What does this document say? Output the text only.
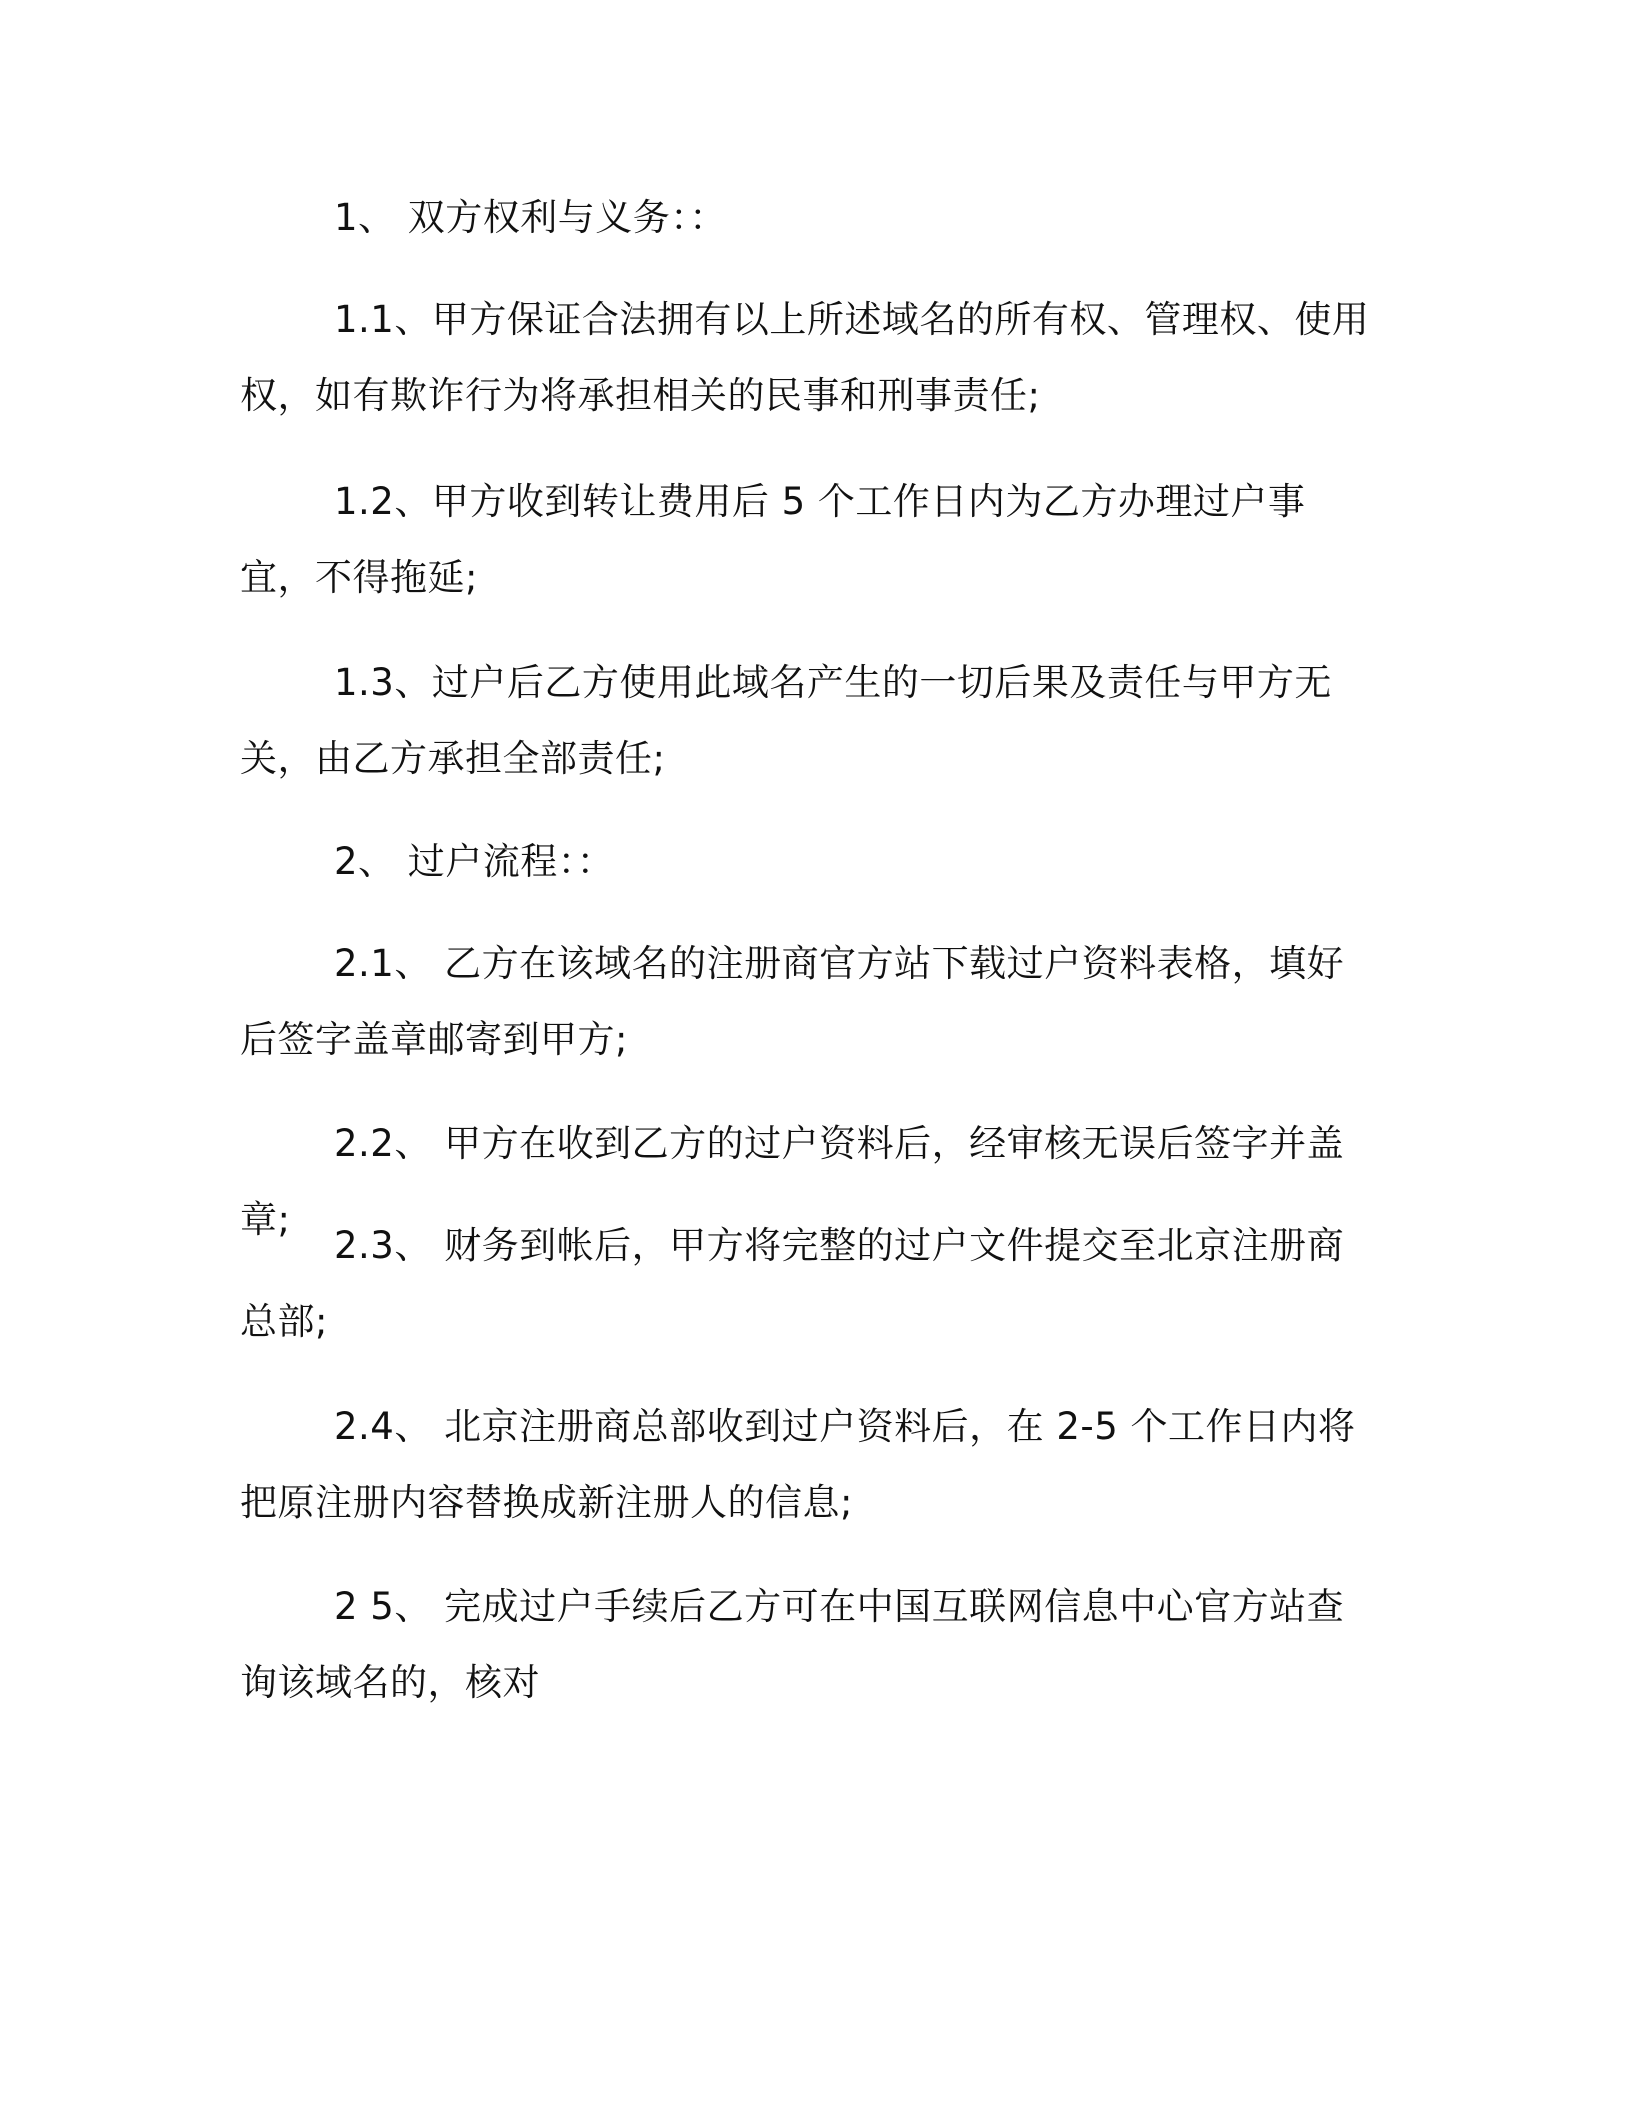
1、 双方权利与义务：：

1.1、甲方保证合法拥有以上所述域名的所有权、管理权、使用权，如有欺诈行为将承担相关的民事和刑事责任;

1.2、甲方收到转让费用后 5 个工作日内为乙方办理过户事宜，不得拖延;

1.3、过户后乙方使用此域名产生的一切后果及责任与甲方无关，由乙方承担全部责任;

2、 过户流程：：

2.1、 乙方在该域名的注册商官方站下载过户资料表格，填好后签字盖章邮寄到甲方;

2.2、 甲方在收到乙方的过户资料后，经审核无误后签字并盖章;

2.3、 财务到帐后，甲方将完整的过户文件提交至北京注册商总部;

2.4、 北京注册商总部收到过户资料后，在 2-5 个工作日内将把原注册内容替换成新注册人的信息;

2 5、 完成过户手续后乙方可在中国互联网信息中心官方站查询该域名的，核对
